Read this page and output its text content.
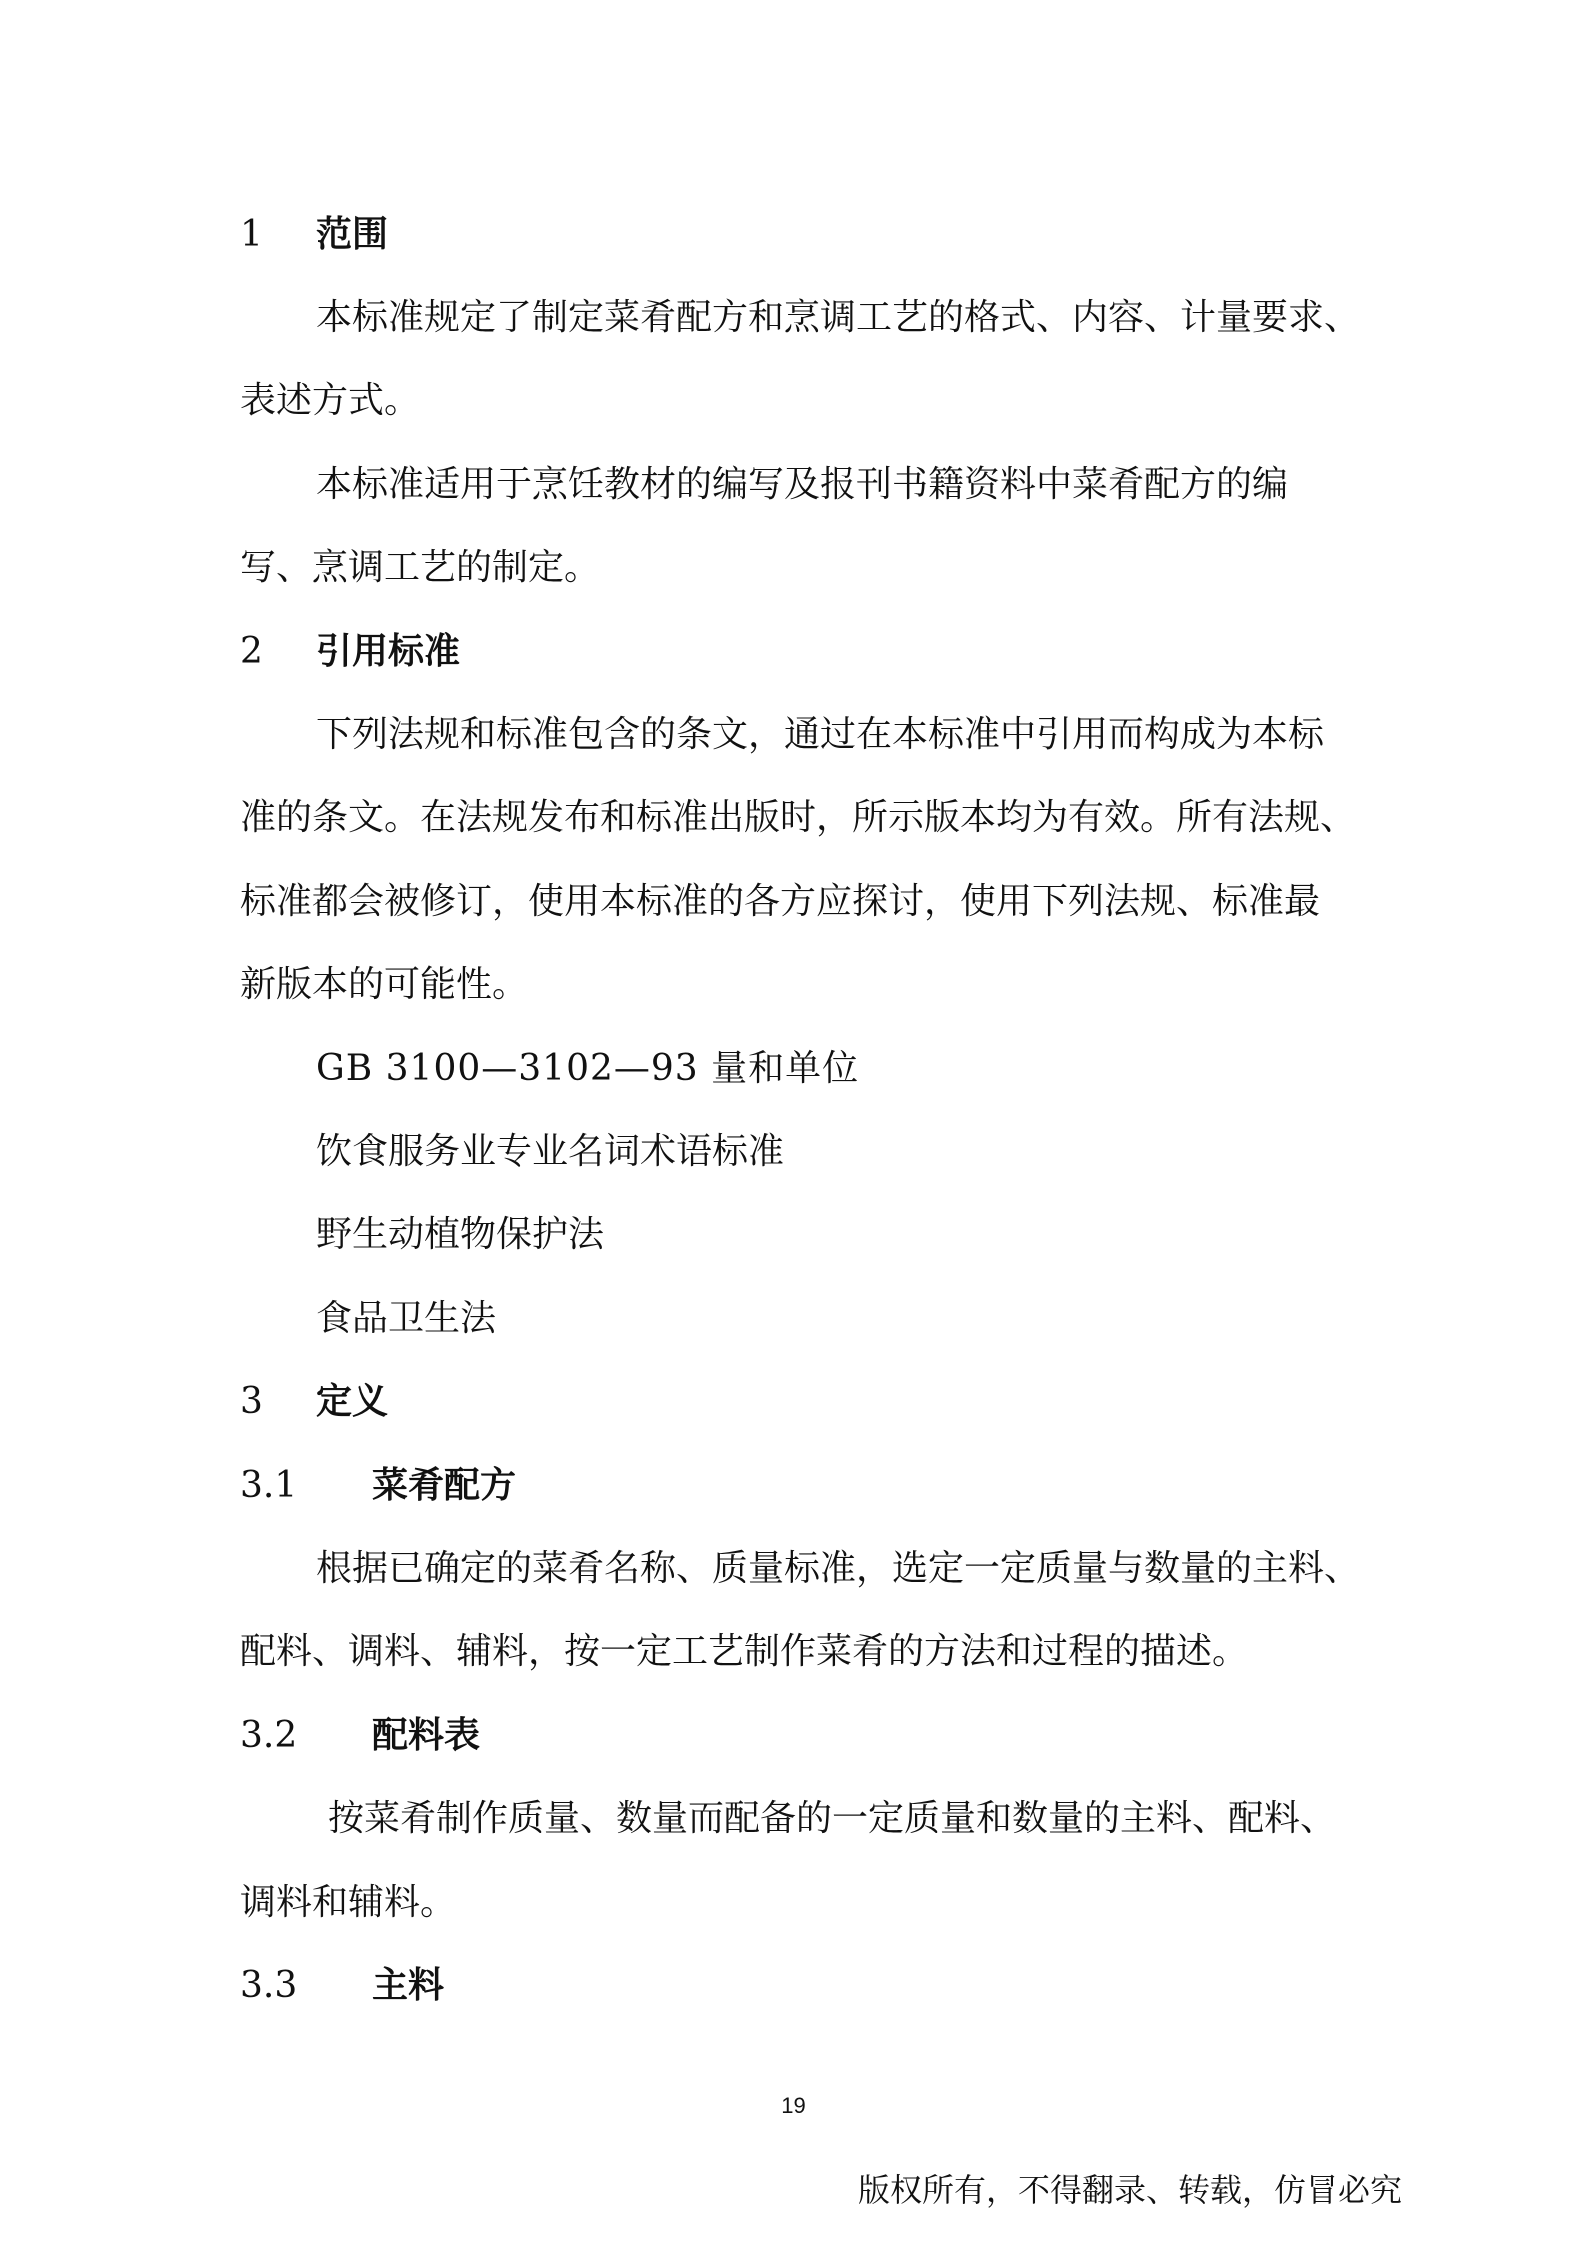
1 范围
本标准规定了制定菜肴配方和烹调工艺的格式、内容、计量要求、
表述方式。
本标准适用于烹饪教材的编写及报刊书籍资料中菜肴配方的编
写、烹调工艺的制定。
2 引用标准
下列法规和标准包含的条文，通过在本标准中引用而构成为本标
准的条文。在法规发布和标准出版时，所示版本均为有效。所有法规、
标准都会被修订，使用本标准的各方应探讨，使用下列法规、标准最
新版本的可能性。
GB 3100—3102—93 量和单位
饮食服务业专业名词术语标准
野生动植物保护法
食品卫生法
3 定义
3.1 菜肴配方
根据已确定的菜肴名称、质量标准，选定一定质量与数量的主料、
配料、调料、辅料，按一定工艺制作菜肴的方法和过程的描述。
3.2 配料表
按菜肴制作质量、数量而配备的一定质量和数量的主料、配料、
调料和辅料。
3.3 主料
19
版权所有，不得翻录、转载，仿冒必究
